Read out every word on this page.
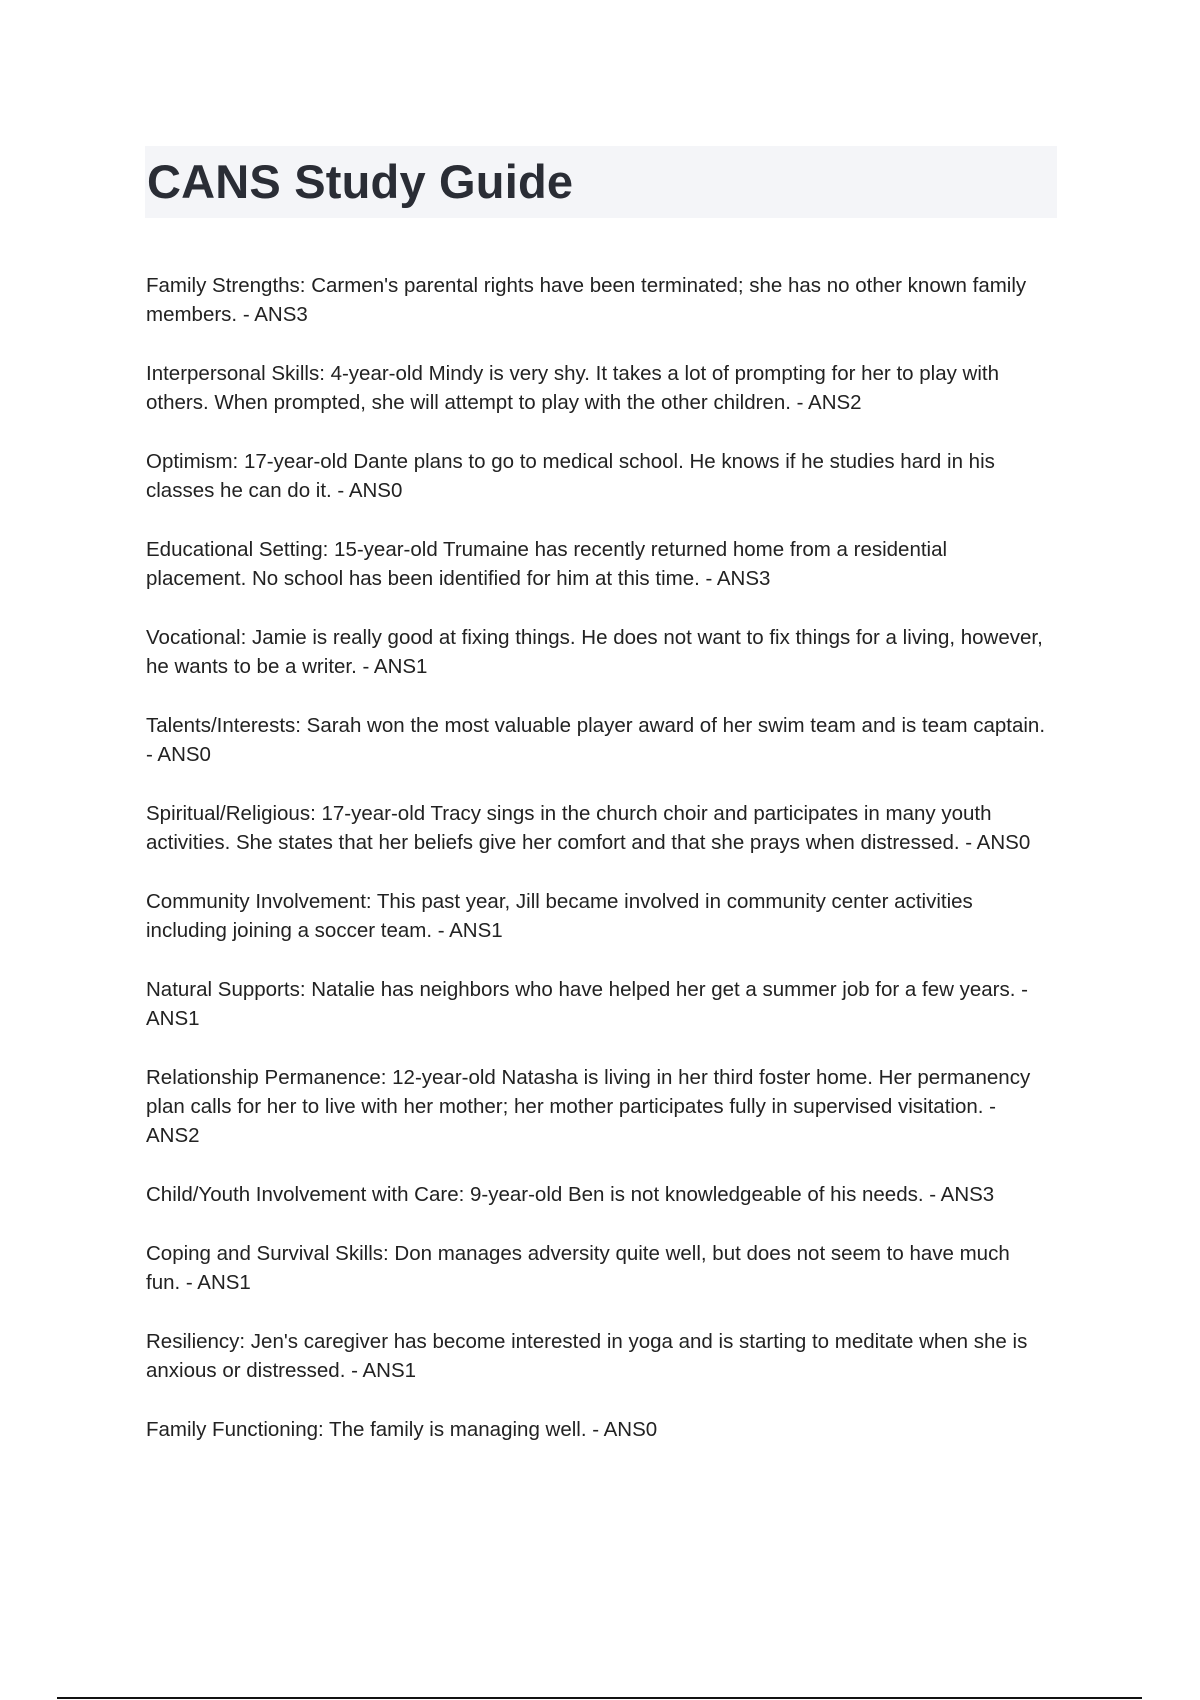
CANS Study Guide

Family Strengths: Carmen's parental rights have been terminated; she has no other known family members. - ANS3

Interpersonal Skills: 4-year-old Mindy is very shy. It takes a lot of prompting for her to play with others. When prompted, she will attempt to play with the other children. - ANS2

Optimism: 17-year-old Dante plans to go to medical school. He knows if he studies hard in his classes he can do it. - ANS0

Educational Setting: 15-year-old Trumaine has recently returned home from a residential placement. No school has been identified for him at this time. - ANS3

Vocational: Jamie is really good at fixing things. He does not want to fix things for a living, however, he wants to be a writer. - ANS1

Talents/Interests: Sarah won the most valuable player award of her swim team and is team captain. - ANS0

Spiritual/Religious: 17-year-old Tracy sings in the church choir and participates in many youth activities. She states that her beliefs give her comfort and that she prays when distressed. - ANS0

Community Involvement: This past year, Jill became involved in community center activities including joining a soccer team. - ANS1

Natural Supports: Natalie has neighbors who have helped her get a summer job for a few years. - ANS1

Relationship Permanence: 12-year-old Natasha is living in her third foster home. Her permanency plan calls for her to live with her mother; her mother participates fully in supervised visitation. - ANS2

Child/Youth Involvement with Care: 9-year-old Ben is not knowledgeable of his needs. - ANS3

Coping and Survival Skills: Don manages adversity quite well, but does not seem to have much fun. - ANS1

Resiliency: Jen's caregiver has become interested in yoga and is starting to meditate when she is anxious or distressed. - ANS1

Family Functioning: The family is managing well. - ANS0
